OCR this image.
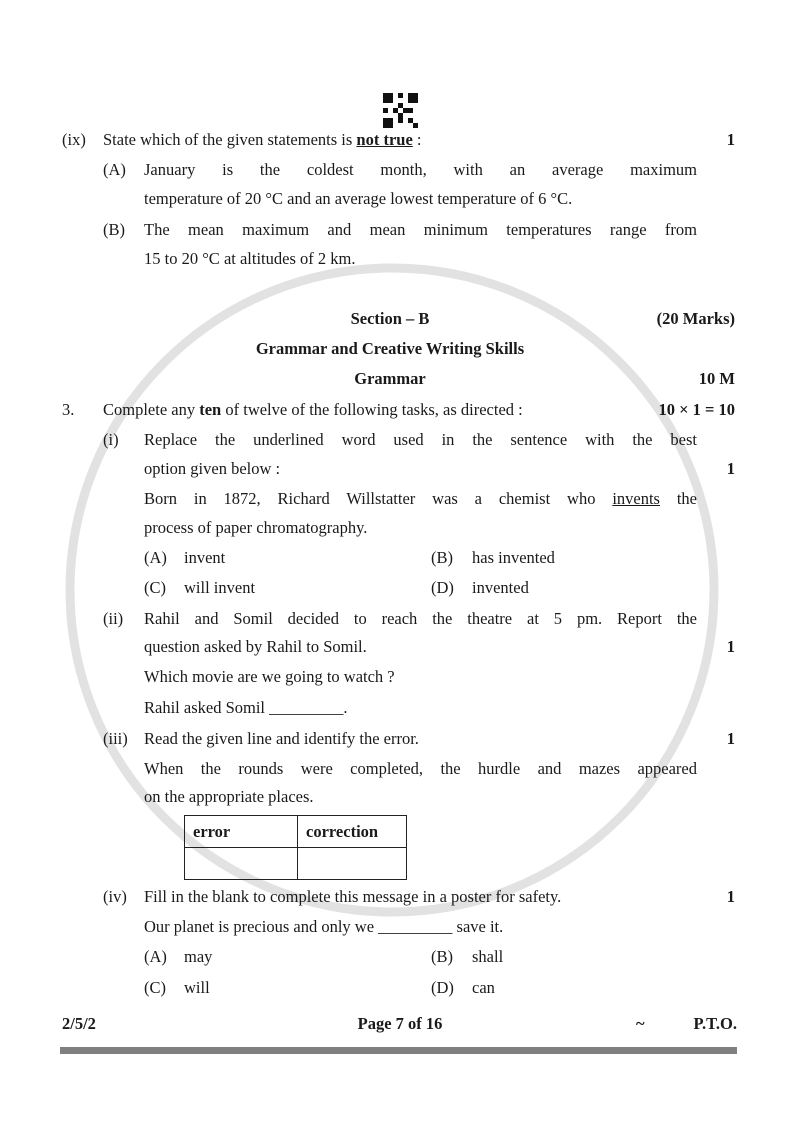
(ix) State which of the given statements is not true :	1
(A) January is the coldest month, with an average maximum
temperature of 20 °C and an average lowest temperature of 6 °C.
(B) The mean maximum and mean minimum temperatures range from
15 to 20 °C at altitudes of 2 km.
Section – B	(20 Marks)
Grammar and Creative Writing Skills
Grammar	10 M
3. Complete any ten of twelve of the following tasks, as directed :	10 × 1 = 10
(i) Replace the underlined word used in the sentence with the best
option given below :	1
Born in 1872, Richard Willstatter was a chemist who invents the
process of paper chromatography.
(A) invent	(B) has invented
(C) will invent	(D) invented
(ii) Rahil and Somil decided to reach the theatre at 5 pm. Report the
question asked by Rahil to Somil.	1
Which movie are we going to watch ?
Rahil asked Somil _________.
(iii) Read the given line and identify the error.	1
When the rounds were completed, the hurdle and mazes appeared
on the appropriate places.
error	correction

(iv) Fill in the blank to complete this message in a poster for safety.	1
Our planet is precious and only we _________ save it.
(A) may	(B) shall
(C) will	(D) can
2/5/2	Page 7 of 16	~	P.T.O.
